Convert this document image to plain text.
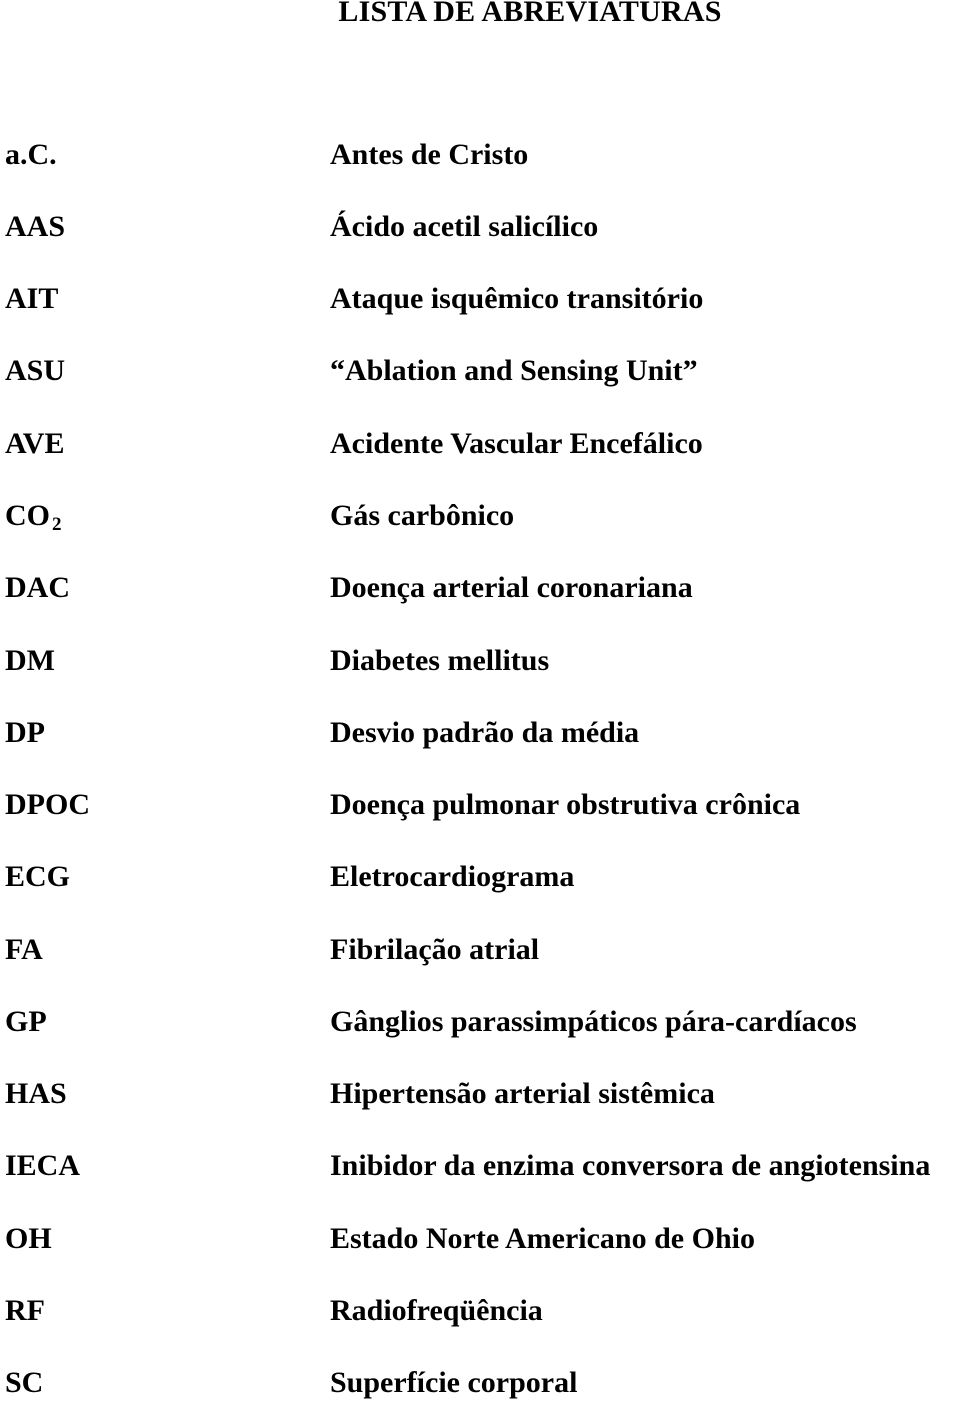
LISTA DE ABREVIATURAS
a.C.	Antes de Cristo
AAS	Ácido acetil salicílico
AIT	Ataque isquêmico transitório
ASU	“Ablation and Sensing Unit”
AVE	Acidente Vascular Encefálico
CO $_2$	Gás carbônico
DAC	Doença arterial coronariana
DM	Diabetes mellitus
DP	Desvio padrão da média
DPOC	Doença pulmonar obstrutiva crônica
ECG	Eletrocardiograma
FA	Fibrilação atrial
GP	Gânglios parassimpáticos pára-cardíacos
HAS	Hipertensão arterial sistêmica
IECA	Inibidor da enzima conversora de angiotensina
OH	Estado Norte Americano de Ohio
RF	Radiofreqüência
SC	Superfície corporal
